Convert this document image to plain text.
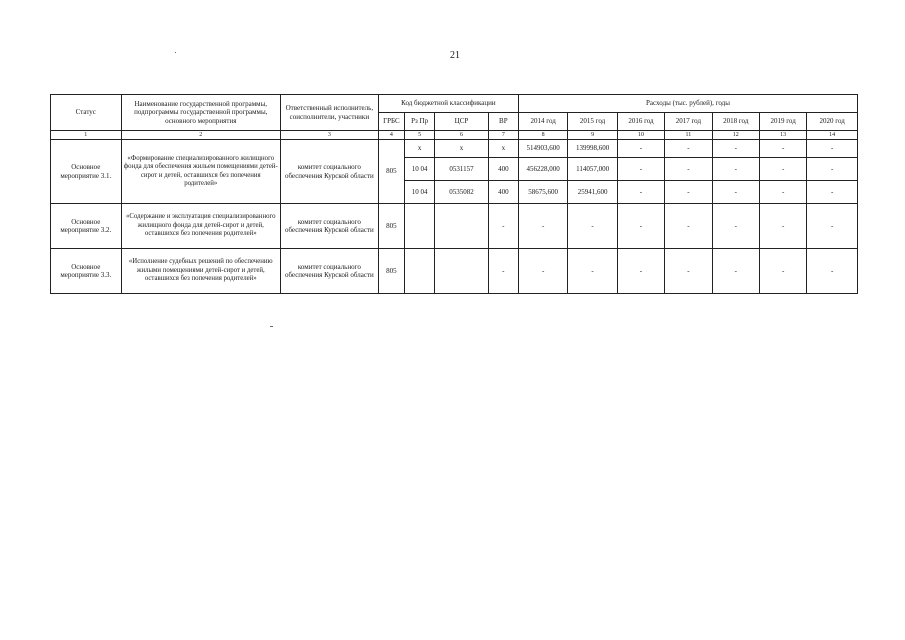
21
Статус	Наименование государственной программы, подпрограммы государственной программы, основного мероприятия	Ответственный исполнитель, соисполнители, участники	Код бюджетной классификации				Расходы (тыс. рублей), годы						
			ГРБС	Рз Пр	ЦСР	ВР	2014 год	2015 год	2016 год	2017 год	2018 год	2019 год	2020 год
1	2	3	4	5	6	7	8	9	10	11	12	13	14
Основное мероприятие 3.1.	«Формирование специализированного жилищного фонда для обеспечения жильем помещениями детей-сирот и детей, оставшихся без попечения родителей»	комитет социального обеспечения Курской области	805	х	х	х	514903,600	139998,600	-	-	-	-	-
				10 04	0531157	400	456228,000	114057,000	-	-	-	-	-
				10 04	0535082	400	58675,600	25941,600	-	-	-	-	-
Основное мероприятие 3.2.	«Содержание и эксплуатация специализированного жилищного фонда для детей-сирот и детей, оставшихся без попечения родителей»	комитет социального обеспечения Курской области	805			-	-	-	-	-	-	-	-
Основное мероприятие 3.3.	«Исполнение судебных решений по обеспечению жилыми помещениями детей-сирот и детей, оставшихся без попечения родителей»	комитет социального обеспечения Курской области	805			-	-	-	-	-	-	-	-
